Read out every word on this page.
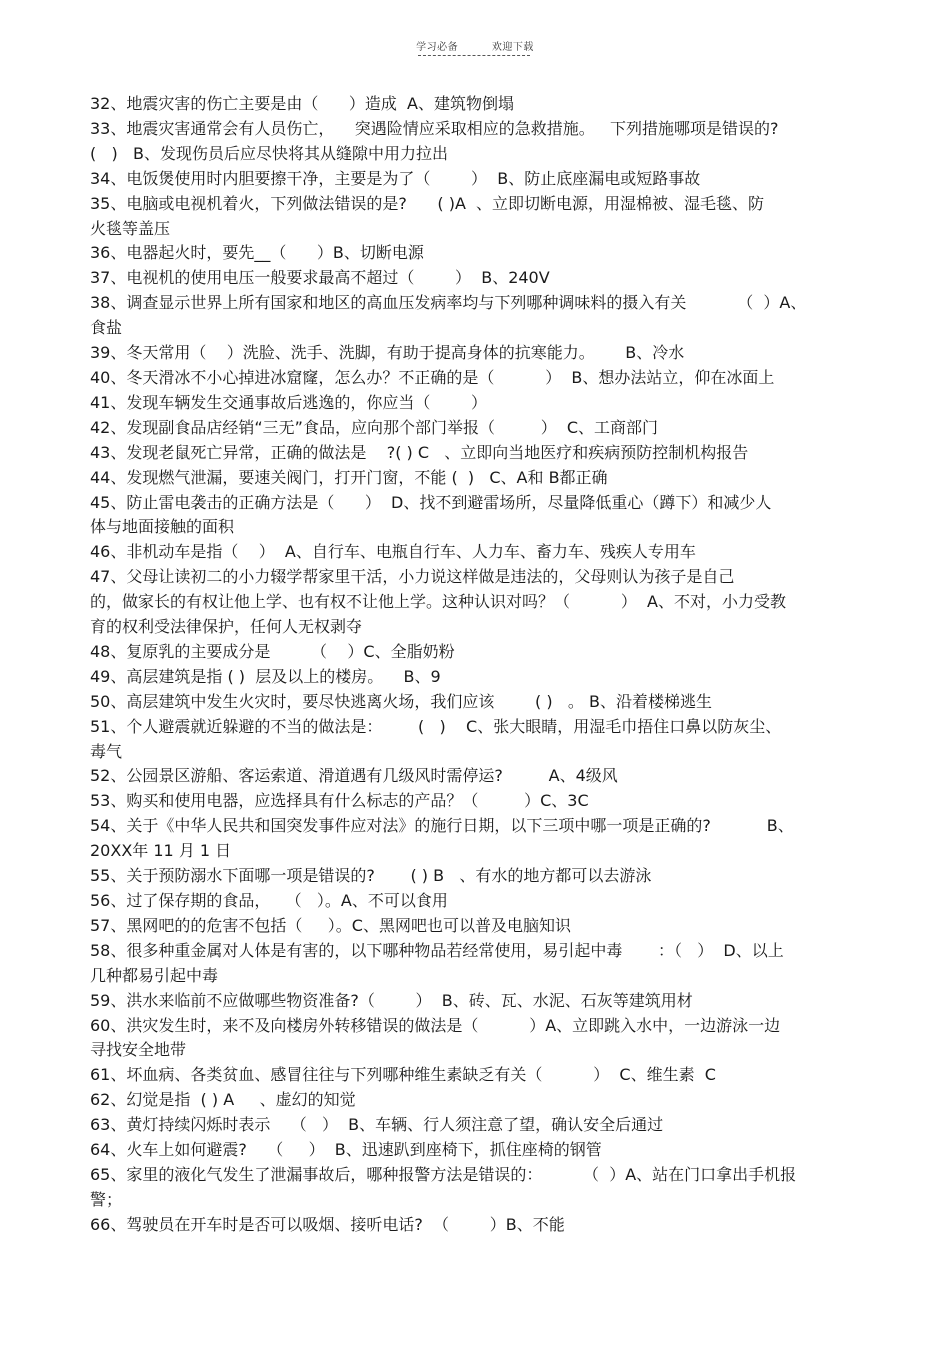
学习必备	欢迎下载

32、地震灾害的伤亡主要是由（      ）造成  A、建筑物倒塌

33、地震灾害通常会有人员伤亡，    突遇险情应采取相应的急救措施。   下列措施哪项是错误的?

(   )   B、发现伤员后应尽快将其从缝隙中用力拉出

34、电饭煲使用时内胆要擦干净，主要是为了（        ）  B、防止底座漏电或短路事故

35、电脑或电视机着火，下列做法错误的是?      ( )A  、立即切断电源，用湿棉被、湿毛毯、防

火毯等盖压

36、电器起火时，要先__（      ）B、切断电源

37、电视机的使用电压一般要求最高不超过（        ）  B、240V

38、调查显示世界上所有国家和地区的高血压发病率均与下列哪种调味料的摄入有关          （  ）A、

食盐

39、冬天常用（    ）洗脸、洗手、洗脚，有助于提高身体的抗寒能力。      B、冷水

40、冬天滑冰不小心掉进冰窟窿，怎么办？不正确的是（          ）  B、想办法站立，仰在冰面上

41、发现车辆发生交通事故后逃逸的，你应当（        ）

42、发现副食品店经销“三无”食品，应向那个部门举报（         ）  C、工商部门

43、发现老鼠死亡异常，正确的做法是    ?( ) C   、立即向当地医疗和疾病预防控制机构报告

44、发现燃气泄漏，要速关阀门，打开门窗，不能 (  )   C、A和 B都正确

45、防止雷电袭击的正确方法是（      ）  D、找不到避雷场所，尽量降低重心（蹲下）和减少人

体与地面接触的面积

46、非机动车是指（    ）  A、自行车、电瓶自行车、人力车、畜力车、残疾人专用车

47、父母让读初二的小力辍学帮家里干活，小力说这样做是违法的，父母则认为孩子是自己

的，做家长的有权让他上学、也有权不让他上学。这种认识对吗？（          ）  A、不对，小力受教

育的权利受法律保护，任何人无权剥夺

48、复原乳的主要成分是        （    ）C、全脂奶粉

49、高层建筑是指 ( )  层及以上的楼房。    B、9

50、高层建筑中发生火灾时，要尽快逃离火场，我们应该        ( )   。 B、沿着楼梯逃生

51、个人避震就近躲避的不当的做法是：       (   )    C、张大眼睛，用湿毛巾捂住口鼻以防灰尘、

毒气

52、公园景区游船、客运索道、滑道遇有几级风时需停运?         A、4级风

53、购买和使用电器，应选择具有什么标志的产品？（         ）C、3C

54、关于《中华人民共和国突发事件应对法》的施行日期，以下三项中哪一项是正确的?           B、

20XX年 11 月 1 日

55、关于预防溺水下面哪一项是错误的?       ( ) B   、有水的地方都可以去游泳

56、过了保存期的食品，   （   ）。A、不可以食用

57、黑网吧的的危害不包括（     ）。C、黑网吧也可以普及电脑知识

58、很多种重金属对人体是有害的，以下哪种物品若经常使用，易引起中毒       ：（   ）  D、以上

几种都易引起中毒

59、洪水来临前不应做哪些物资准备?（        ）  B、砖、瓦、水泥、石灰等建筑用材

60、洪灾发生时，来不及向楼房外转移错误的做法是（          ）A、立即跳入水中，一边游泳一边

寻找安全地带

61、坏血病、各类贫血、感冒往往与下列哪种维生素缺乏有关（          ）  C、维生素  C

62、幻觉是指  ( ) A     、虚幻的知觉

63、黄灯持续闪烁时表示    （   ）  B、车辆、行人须注意了望，确认安全后通过

64、火车上如何避震?    （     ）  B、迅速趴到座椅下，抓住座椅的钢管

65、家里的液化气发生了泄漏事故后，哪种报警方法是错误的：        （  ）A、站在门口拿出手机报

警；

66、驾驶员在开车时是否可以吸烟、接听电话?  （        ）B、不能
